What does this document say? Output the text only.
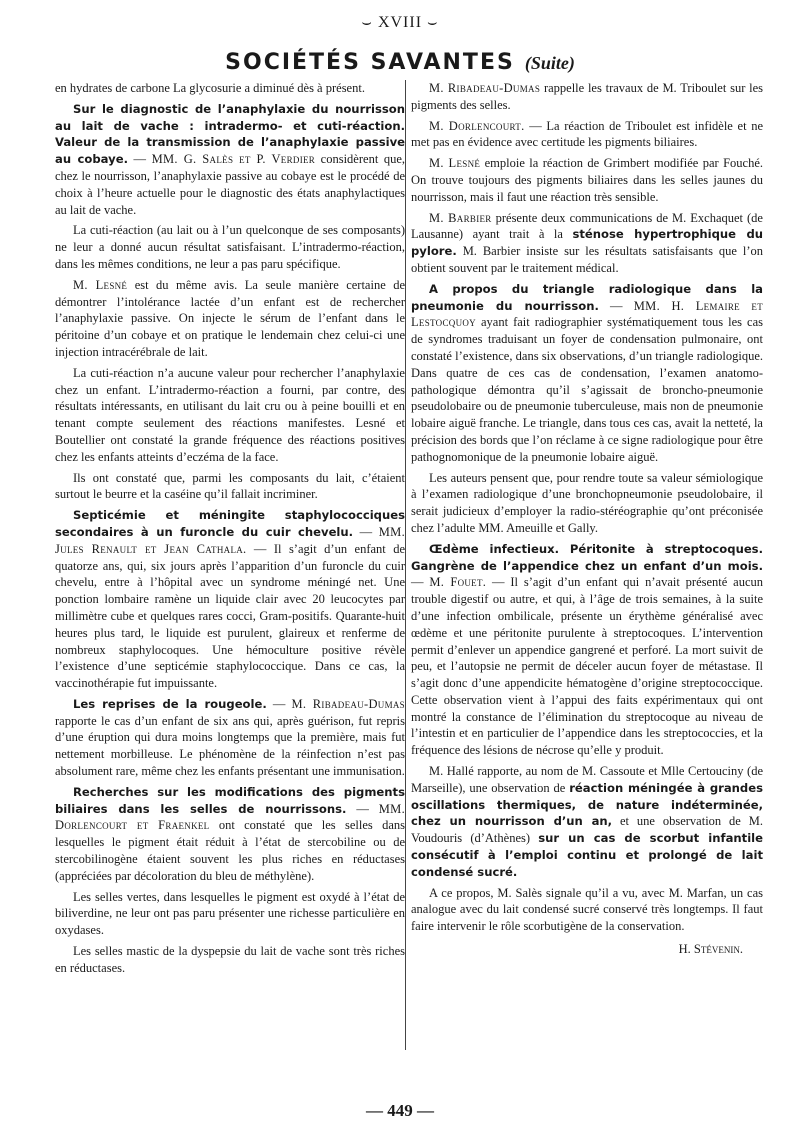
⌣ XVIII ⌣
SOCIÉTÉS SAVANTES (Suite)

en hydrates de carbone La glycosurie a diminué dès à présent.

Sur le diagnostic de l’anaphylaxie du nourrisson au lait de vache : intradermo- et cuti-réaction. Valeur de la transmission de l’anaphylaxie passive au cobaye. — MM. G. Salès et P. Verdier considèrent que, chez le nourrisson, l’anaphylaxie passive au cobaye est le procédé de choix à l’heure actuelle pour le diagnostic des états anaphylactiques au lait de vache.

La cuti-réaction (au lait ou à l’un quelconque de ses composants) ne leur a donné aucun résultat satisfaisant. L’intradermo-réaction, dans les mêmes conditions, ne leur a pas paru spécifique.

M. Lesné est du même avis. La seule manière certaine de démontrer l’intolérance lactée d’un enfant est de rechercher l’anaphylaxie passive. On injecte le sérum de l’enfant dans le péritoine d’un cobaye et on pratique le lendemain chez celui-ci une injection intracérébrale de lait.

La cuti-réaction n’a aucune valeur pour rechercher l’anaphylaxie chez un enfant. L’intradermo-réaction a fourni, par contre, des résultats intéressants, en utilisant du lait cru ou à peine bouilli et en tenant compte seulement des réactions manifestes. Lesné et Boutellier ont constaté la grande fréquence des réactions positives chez les enfants atteints d’eczéma de la face.

Ils ont constaté que, parmi les composants du lait, c’étaient surtout le beurre et la caséine qu’il fallait incriminer.

Septicémie et méningite staphylococciques secondaires à un furoncle du cuir chevelu. — MM. Jules Renault et Jean Cathala. — Il s’agit d’un enfant de quatorze ans, qui, six jours après l’apparition d’un furoncle du cuir chevelu, entre à l’hôpital avec un syndrome méningé net. Une ponction lombaire ramène un liquide clair avec 20 leucocytes par millimètre cube et quelques rares cocci, Gram-positifs. Quarante-huit heures plus tard, le liquide est purulent, glaireux et renferme de nombreux staphylocoques. Une hémoculture positive révèle l’existence d’une septicémie staphylococcique. Dans ce cas, la vaccinothérapie fut impuissante.

Les reprises de la rougeole. — M. Ribadeau-Dumas rapporte le cas d’un enfant de six ans qui, après guérison, fut repris d’une éruption qui dura moins longtemps que la première, mais fut nettement morbilleuse. Le phénomène de la réinfection n’est pas absolument rare, même chez les enfants présentant une immunisation.

Recherches sur les modifications des pigments biliaires dans les selles de nourrissons. — MM. Dorlencourt et Fraenkel ont constaté que les selles dans lesquelles le pigment était réduit à l’état de stercobiline ou de stercobilinogène étaient souvent les plus riches en réductases (appréciées par décoloration du bleu de méthylène).

Les selles vertes, dans lesquelles le pigment est oxydé à l’état de biliverdine, ne leur ont pas paru présenter une richesse particulière en oxydases.

Les selles mastic de la dyspepsie du lait de vache sont très riches en réductases.

M. Ribadeau-Dumas rappelle les travaux de M. Triboulet sur les pigments des selles.

M. Dorlencourt. — La réaction de Triboulet est infidèle et ne met pas en évidence avec certitude les pigments biliaires.

M. Lesné emploie la réaction de Grimbert modifiée par Fouché. On trouve toujours des pigments biliaires dans les selles jaunes du nourrisson, mais il faut une réaction très sensible.

M. Barbier présente deux communications de M. Exchaquet (de Lausanne) ayant trait à la sténose hypertrophique du pylore. M. Barbier insiste sur les résultats satisfaisants que l’on obtient souvent par le traitement médical.

A propos du triangle radiologique dans la pneumonie du nourrisson. — MM. H. Lemaire et Lestocquoy ayant fait radiographier systématiquement tous les cas de syndromes traduisant un foyer de condensation pulmonaire, ont constaté l’existence, dans six observations, d’un triangle radiologique. Dans quatre de ces cas de condensation, l’examen anatomo-pathologique démontra qu’il s’agissait de broncho-pneumonie pseudolobaire ou de pneumonie tuberculeuse, mais non de pneumonie lobaire aiguë franche. Le triangle, dans tous ces cas, avait la netteté, la précision des bords que l’on réclame à ce signe radiologique pour être pathognomonique de la pneumonie lobaire aiguë.

Les auteurs pensent que, pour rendre toute sa valeur sémiologique à l’examen radiologique d’une bronchopneumonie pseudolobaire, il serait judicieux d’employer la radio-stéréographie qu’ont préconisée chez l’adulte MM. Ameuille et Gally.

Œdème infectieux. Péritonite à streptocoques. Gangrène de l’appendice chez un enfant d’un mois. — M. Fouet. — Il s’agit d’un enfant qui n’avait présenté aucun trouble digestif ou autre, et qui, à l’âge de trois semaines, à la suite d’une infection ombilicale, présente un érythème généralisé avec œdème et une péritonite purulente à streptocoques. L’intervention permit d’enlever un appendice gangrené et perforé. La mort suivit de peu, et l’autopsie ne permit de déceler aucun foyer de métastase. Il s’agit donc d’une appendicite hématogène d’origine streptococcique. Cette observation vient à l’appui des faits expérimentaux qui ont montré la constance de l’élimination du streptocoque au niveau de l’intestin et en particulier de l’appendice dans les streptococcies, et la fréquence des lésions de nécrose qu’elle y produit.

M. Hallé rapporte, au nom de M. Cassoute et Mlle Certouciny (de Marseille), une observation de réaction méningée à grandes oscillations thermiques, de nature indéterminée, chez un nourrisson d’un an, et une observation de M. Voudouris (d’Athènes) sur un cas de scorbut infantile consécutif à l’emploi continu et prolongé de lait condensé sucré.

A ce propos, M. Salès signale qu’il a vu, avec M. Marfan, un cas analogue avec du lait condensé sucré conservé très longtemps. Il faut faire intervenir le rôle scorbutigène de la conservation.

H. Stévenin.
— 449 —
